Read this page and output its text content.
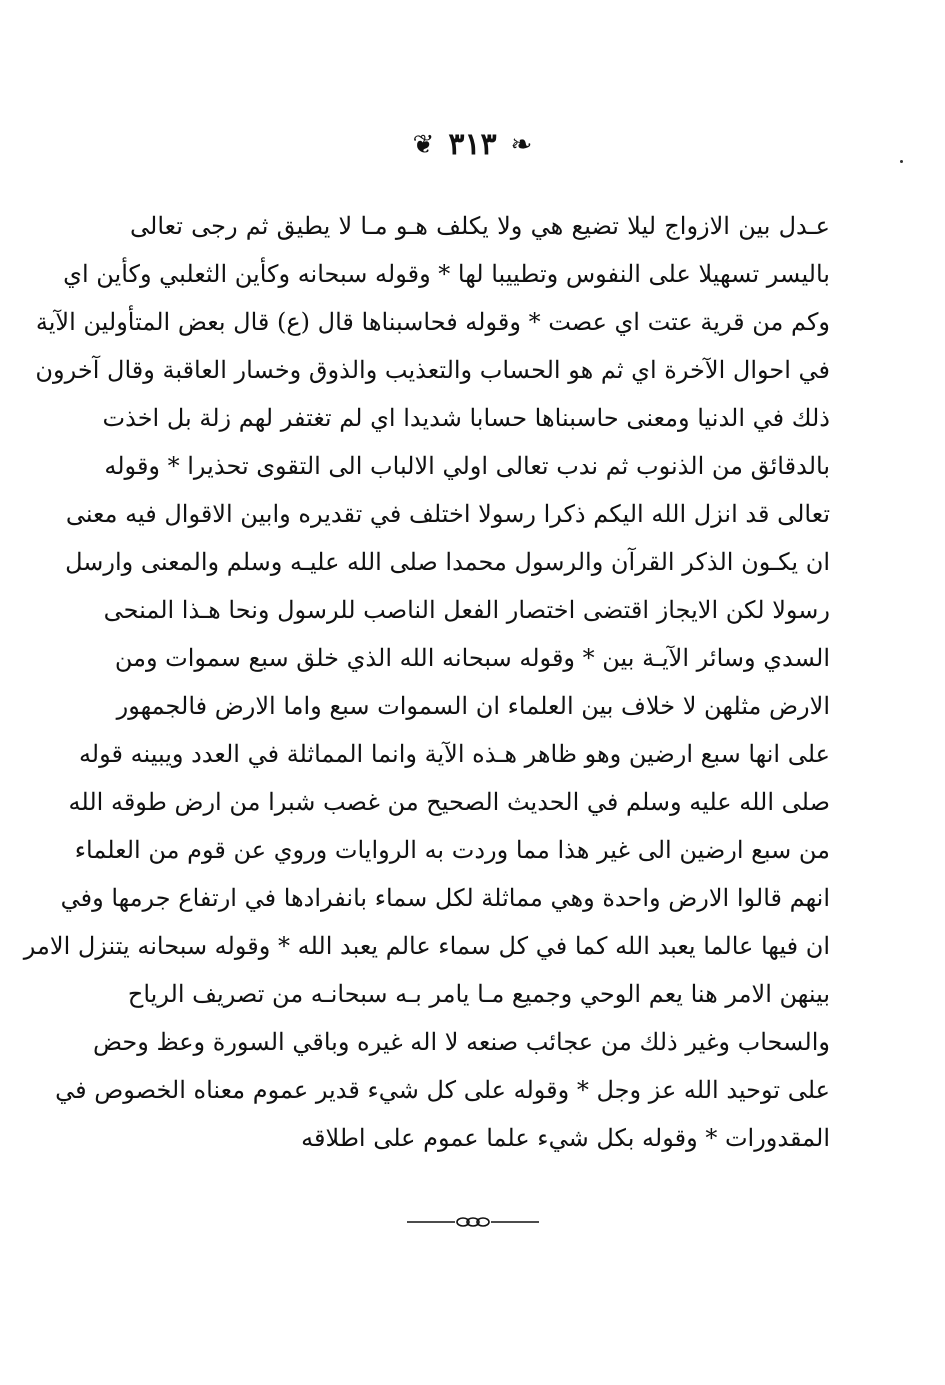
❦ ٣١٣ ❧
عـدل بين الازواج ليلا تضيع هي ولا يكلف هـو مـا لا يطيق ثم رجى تعالى
باليسر تسهيلا على النفوس وتطييبا لها * وقوله سبحانه وكأين الثعلبي وكأين اي
وكم من قرية عتت اي عصت * وقوله فحاسبناها قال (ع) قال بعض المتأولين الآية
في احوال الآخرة اي ثم هو الحساب والتعذيب والذوق وخسار العاقبة وقال آخرون
ذلك في الدنيا ومعنى حاسبناها حسابا شديدا اي لم تغتفر لهم زلة بل اخذت
بالدقائق من الذنوب ثم ندب تعالى اولي الالباب الى التقوى تحذيرا * وقوله
تعالى قد انزل الله اليكم ذكرا رسولا اختلف في تقديره وابين الاقوال فيه معنى
ان يكـون الذكر القرآن والرسول محمدا صلى الله عليـه وسلم والمعنى وارسل
رسولا لكن الايجاز اقتضى اختصار الفعل الناصب للرسول ونحا هـذا المنحى
السدي وسائر الآيـة بين * وقوله سبحانه الله الذي خلق سبع سموات ومن
الارض مثلهن لا خلاف بين العلماء ان السموات سبع واما الارض فالجمهور
على انها سبع ارضين وهو ظاهر هـذه الآية وانما المماثلة في العدد ويبينه قوله
صلى الله عليه وسلم في الحديث الصحيح من غصب شبرا من ارض طوقه الله
من سبع ارضين الى غير هذا مما وردت به الروايات وروي عن قوم من العلماء
انهم قالوا الارض واحدة وهي مماثلة لكل سماء بانفرادها في ارتفاع جرمها وفي
ان فيها عالما يعبد الله كما في كل سماء عالم يعبد الله * وقوله سبحانه يتنزل الامر
بينهن الامر هنا يعم الوحي وجميع مـا يامر بـه سبحانـه من تصريف الرياح
والسحاب وغير ذلك من عجائب صنعه لا اله غيره وباقي السورة وعظ وحض
على توحيد الله عز وجل * وقوله على كل شيء قدير عموم معناه الخصوص في
المقدورات * وقوله بكل شيء علما عموم على اطلاقه
